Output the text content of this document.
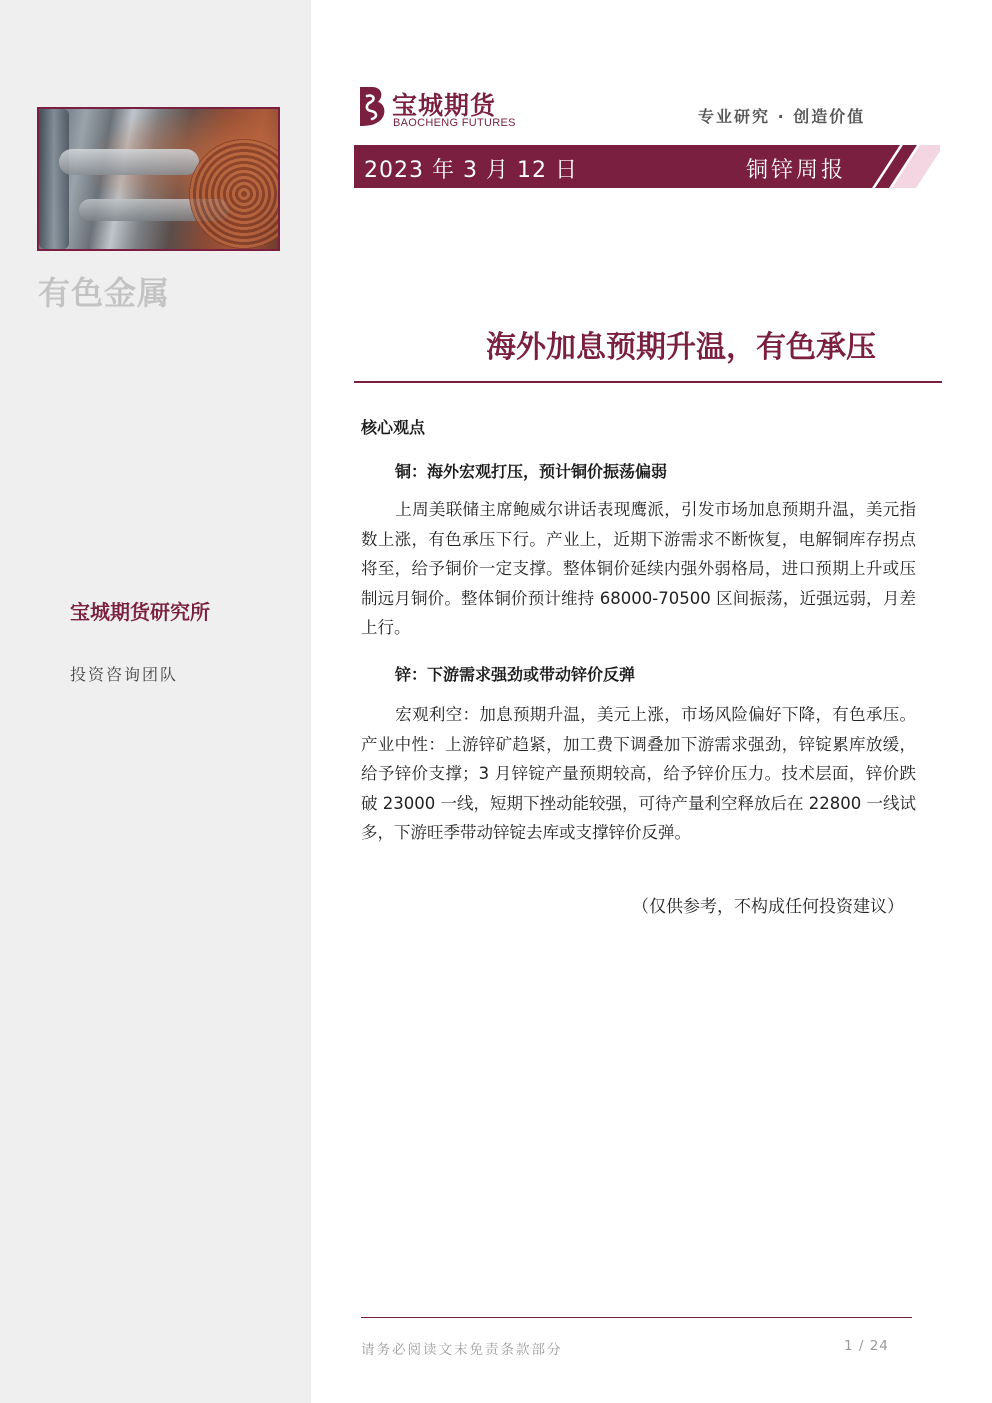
有色金属
宝城期货研究所
投资咨询团队
宝城期货
BAOCHENG FUTURES	专业研究 · 创造价值
2023 年 3 月 12 日	铜锌周报
海外加息预期升温，有色承压
核心观点
铜：海外宏观打压，预计铜价振荡偏弱
上周美联储主席鲍威尔讲话表现鹰派，引发市场加息预期升温，美元指数上涨，有色承压下行。产业上，近期下游需求不断恢复，电解铜库存拐点将至，给予铜价一定支撑。整体铜价延续内强外弱格局，进口预期上升或压制远月铜价。整体铜价预计维持 68000-70500 区间振荡，近强远弱，月差上行。
锌：下游需求强劲或带动锌价反弹
宏观利空：加息预期升温，美元上涨，市场风险偏好下降，有色承压。产业中性：上游锌矿趋紧，加工费下调叠加下游需求强劲，锌锭累库放缓，给予锌价支撑；3 月锌锭产量预期较高，给予锌价压力。技术层面，锌价跌破 23000 一线，短期下挫动能较强，可待产量利空释放后在 22800 一线试多，下游旺季带动锌锭去库或支撑锌价反弹。
（仅供参考，不构成任何投资建议）
请务必阅读文末免责条款部分	1 / 24
